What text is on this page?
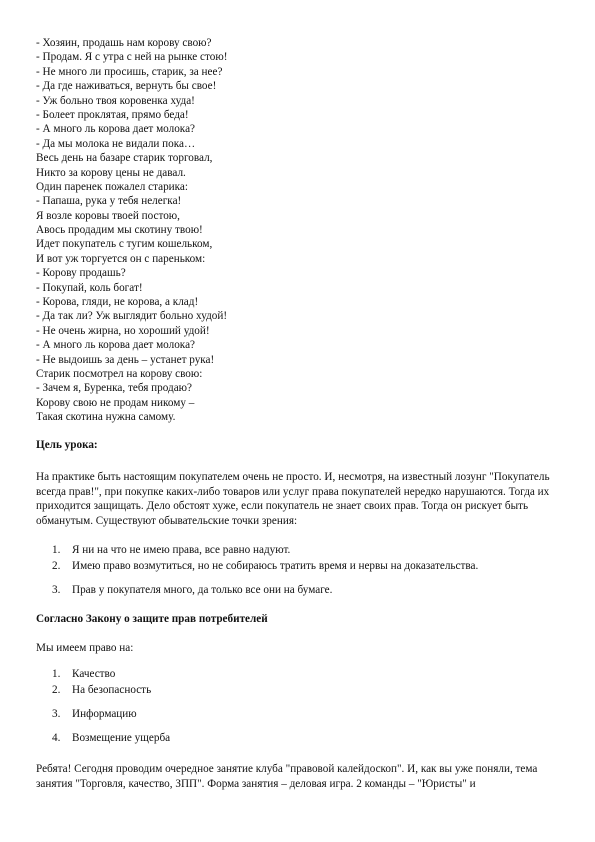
- Хозяин, продашь нам корову свою?
- Продам. Я с утра с ней на рынке стою!
- Не много ли просишь, старик, за нее?
- Да где наживаться, вернуть бы свое!
- Уж больно твоя коровенка худа!
- Болеет проклятая, прямо беда!
- А много ль корова дает молока?
- Да мы молока не видали пока…
Весь день на базаре старик торговал,
Никто за корову цены не давал.
Один паренек пожалел старика:
- Папаша, рука у тебя нелегка!
Я возле коровы твоей постою,
Авось продадим мы скотину твою!
Идет покупатель с тугим кошельком,
И вот уж торгуется он с пареньком:
- Корову продашь?
- Покупай, коль богат!
- Корова, гляди, не корова, а клад!
- Да так ли? Уж выглядит больно худой!
- Не очень жирна, но хороший удой!
- А много ль корова дает молока?
- Не выдоишь за день – устанет рука!
Старик посмотрел на корову свою:
- Зачем я, Буренка, тебя продаю?
Корову свою не продам никому –
Такая скотина нужна самому.
Цель урока:
На практике быть настоящим покупателем очень не просто. И, несмотря, на известный лозунг "Покупатель всегда прав!", при покупке каких-либо товаров или услуг права покупателей нередко нарушаются. Тогда их приходится защищать. Дело обстоят хуже, если покупатель не знает своих прав. Тогда он рискует быть обманутым. Существуют обывательские точки зрения:
1. Я ни на что не имею права, все равно надуют.
2. Имею право возмутиться, но не собираюсь тратить время и нервы на доказательства.
3. Прав у покупателя много, да только все они на бумаге.
Согласно Закону о защите прав потребителей
Мы имеем право на:
1. Качество
2. На безопасность
3. Информацию
4. Возмещение ущерба
Ребята! Сегодня проводим очередное занятие клуба "правовой калейдоскоп". И, как вы уже поняли, тема занятия "Торговля, качество, ЗПП". Форма занятия – деловая игра. 2 команды – "Юристы" и
